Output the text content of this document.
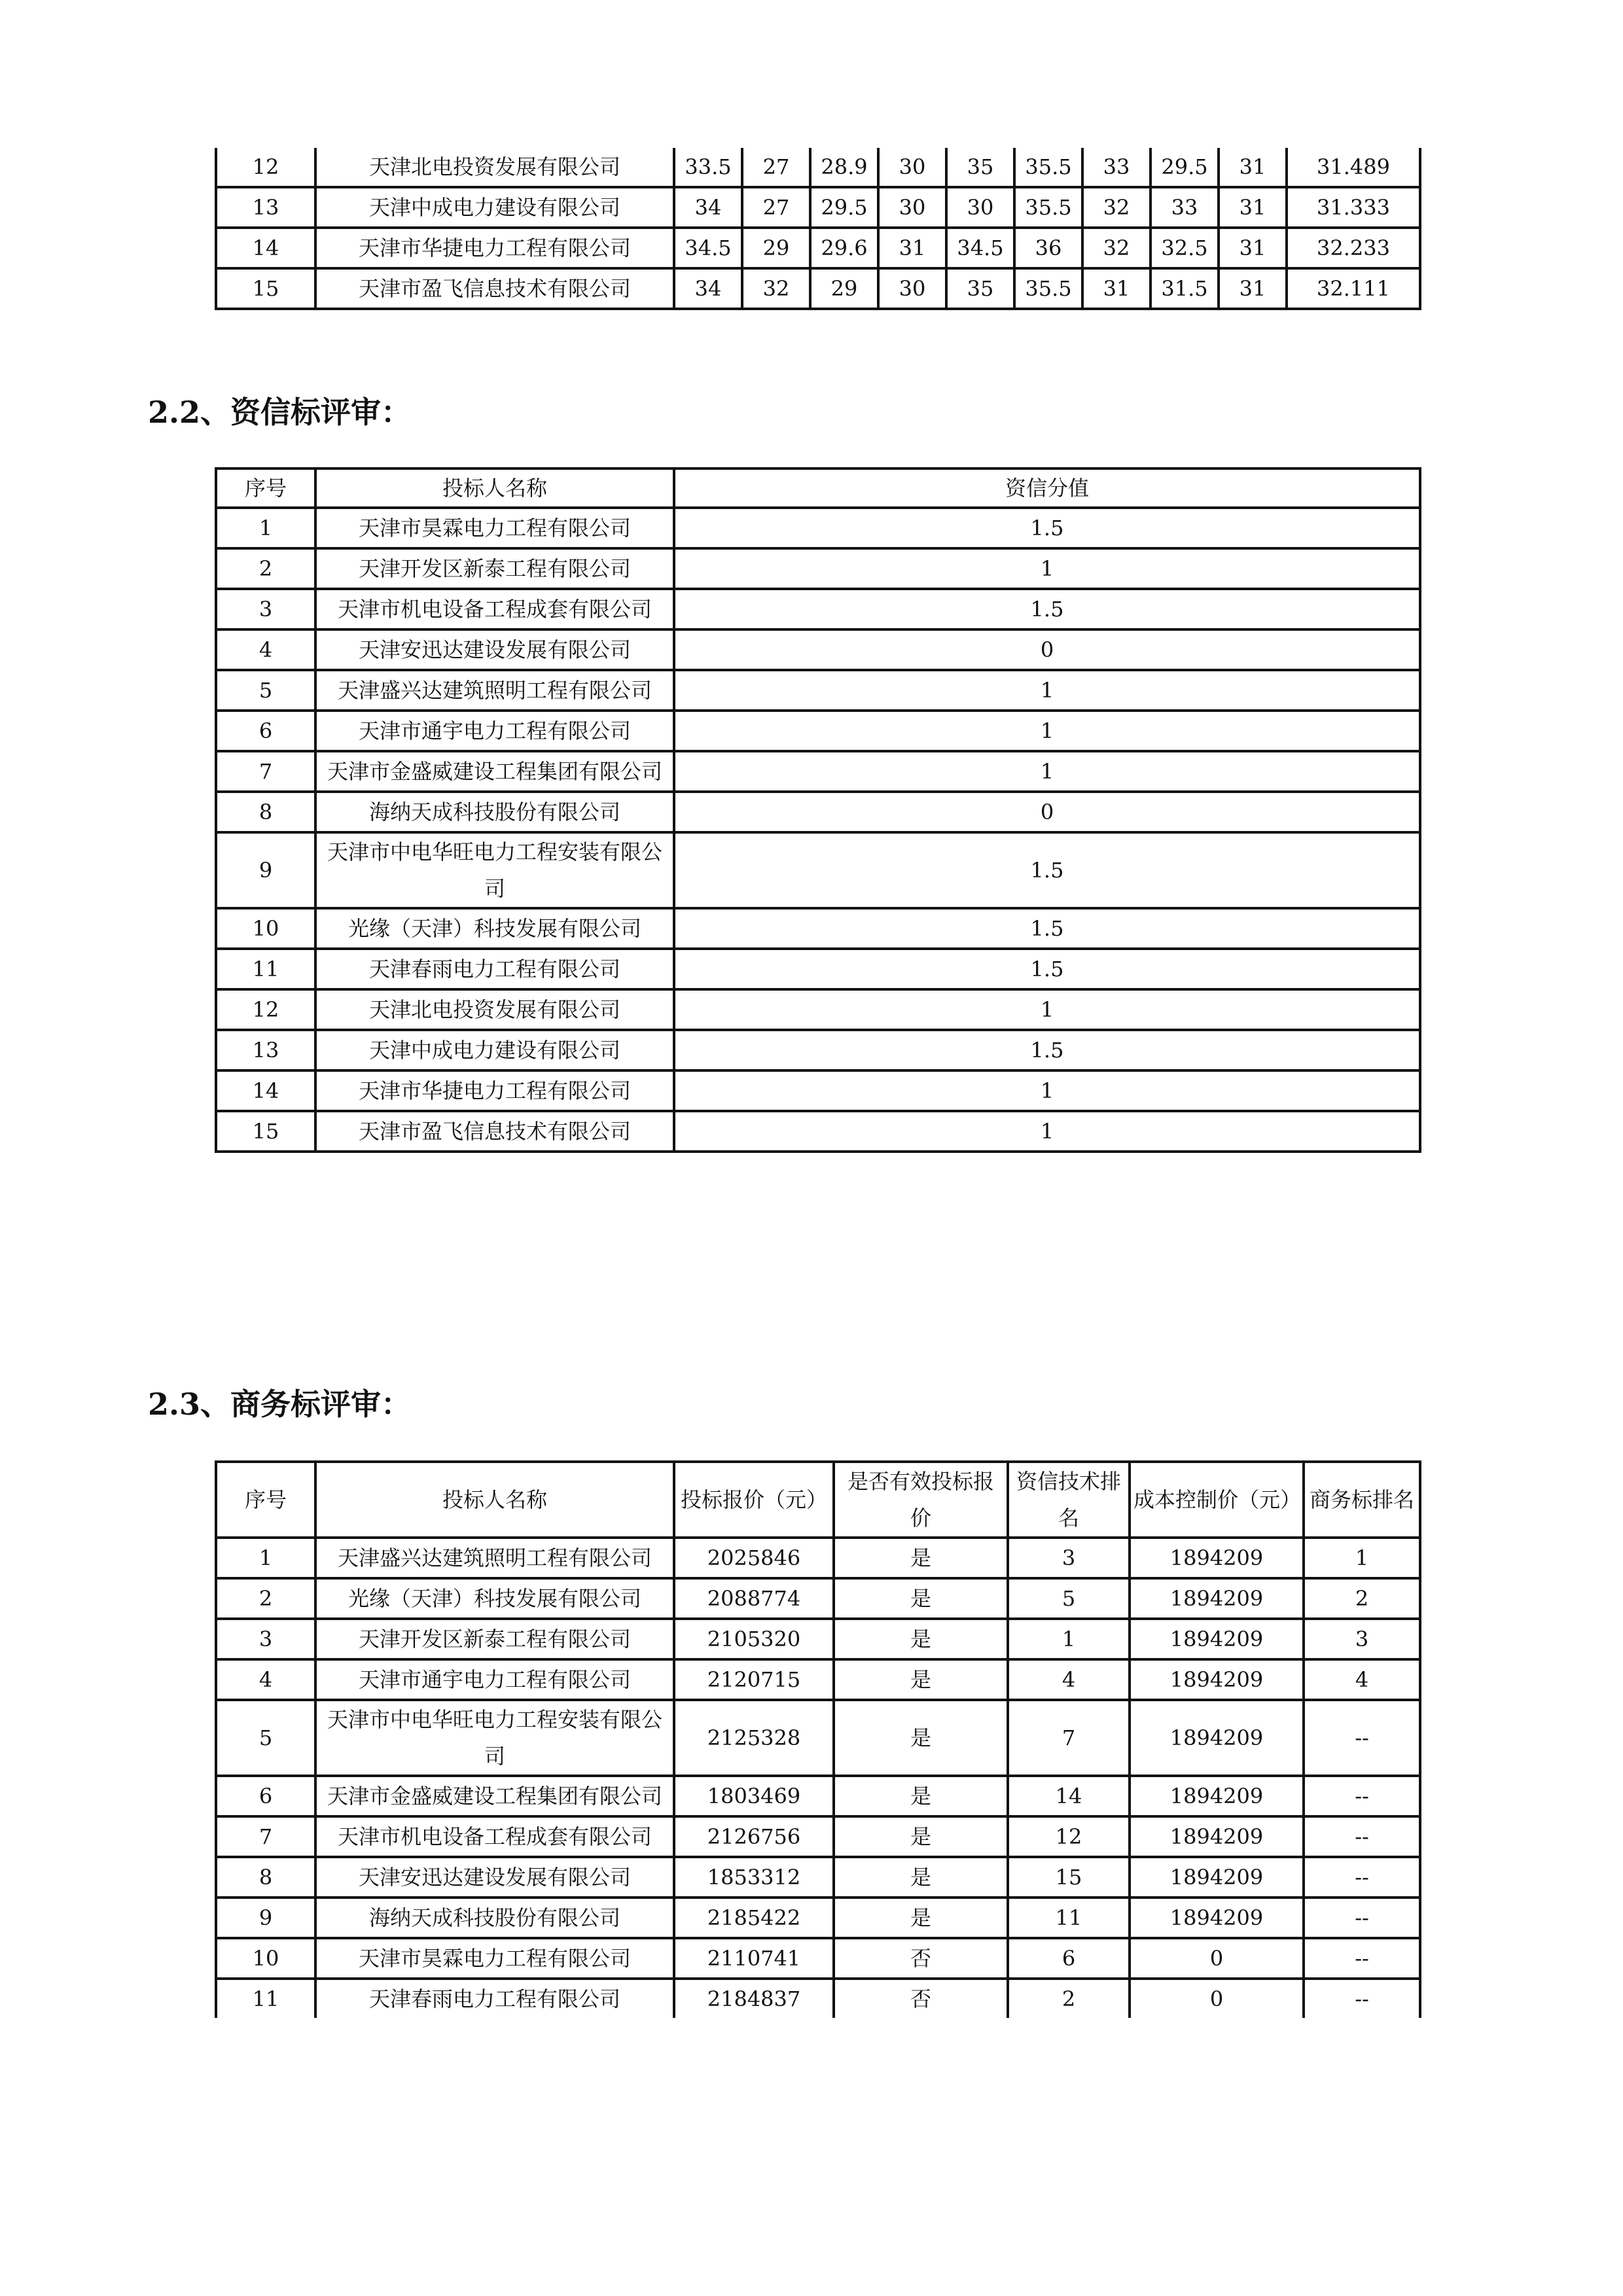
12	天津北电投资发展有限公司	33.5	27	28.9	30	35	35.5	33	29.5	31	31.489
13	天津中成电力建设有限公司	34	27	29.5	30	30	35.5	32	33	31	31.333
14	天津市华捷电力工程有限公司	34.5	29	29.6	31	34.5	36	32	32.5	31	32.233
15	天津市盈飞信息技术有限公司	34	32	29	30	35	35.5	31	31.5	31	32.111
2.2、资信标评审：
序号	投标人名称	资信分值
1	天津市昊霖电力工程有限公司	1.5
2	天津开发区新泰工程有限公司	1
3	天津市机电设备工程成套有限公司	1.5
4	天津安迅达建设发展有限公司	0
5	天津盛兴达建筑照明工程有限公司	1
6	天津市通宇电力工程有限公司	1
7	天津市金盛威建设工程集团有限公司	1
8	海纳天成科技股份有限公司	0
9	天津市中电华旺电力工程安装有限公司	1.5
10	光缘（天津）科技发展有限公司	1.5
11	天津春雨电力工程有限公司	1.5
12	天津北电投资发展有限公司	1
13	天津中成电力建设有限公司	1.5
14	天津市华捷电力工程有限公司	1
15	天津市盈飞信息技术有限公司	1
2.3、商务标评审：
序号	投标人名称	投标报价（元）	是否有效投标报价	资信技术排名	成本控制价（元）	商务标排名
1	天津盛兴达建筑照明工程有限公司	2025846	是	3	1894209	1
2	光缘（天津）科技发展有限公司	2088774	是	5	1894209	2
3	天津开发区新泰工程有限公司	2105320	是	1	1894209	3
4	天津市通宇电力工程有限公司	2120715	是	4	1894209	4
5	天津市中电华旺电力工程安装有限公司	2125328	是	7	1894209	--
6	天津市金盛威建设工程集团有限公司	1803469	是	14	1894209	--
7	天津市机电设备工程成套有限公司	2126756	是	12	1894209	--
8	天津安迅达建设发展有限公司	1853312	是	15	1894209	--
9	海纳天成科技股份有限公司	2185422	是	11	1894209	--
10	天津市昊霖电力工程有限公司	2110741	否	6	0	--
11	天津春雨电力工程有限公司	2184837	否	2	0	--
